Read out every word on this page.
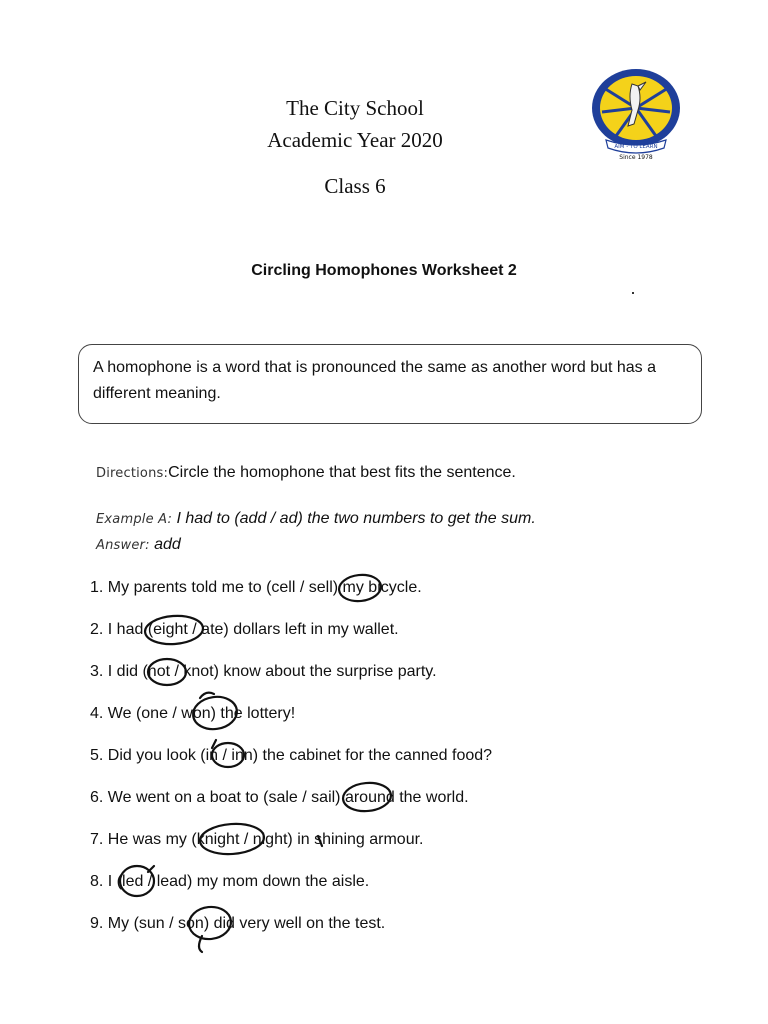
The City School
Academic Year 2020
Class 6
AIM - TO LEARN
Since 1978
Circling Homophones Worksheet 2
A homophone is a word that is pronounced the same as another word but has a different meaning.
Directions:Circle the homophone that best fits the sentence.
Example A: I had to (add / ad) the two numbers to get the sum.
Answer: add
1. My parents told me to (cell / sell) my bicycle.
2. I had (eight / ate) dollars left in my wallet.
3. I did (not / knot) know about the surprise party.
4. We (one / won) the lottery!
5. Did you look (in / inn) the cabinet for the canned food?
6. We went on a boat to (sale / sail) around the world.
7. He was my (knight / night) in shining armour.
8. I (led / lead) my mom down the aisle.
9. My (sun / son) did very well on the test.
